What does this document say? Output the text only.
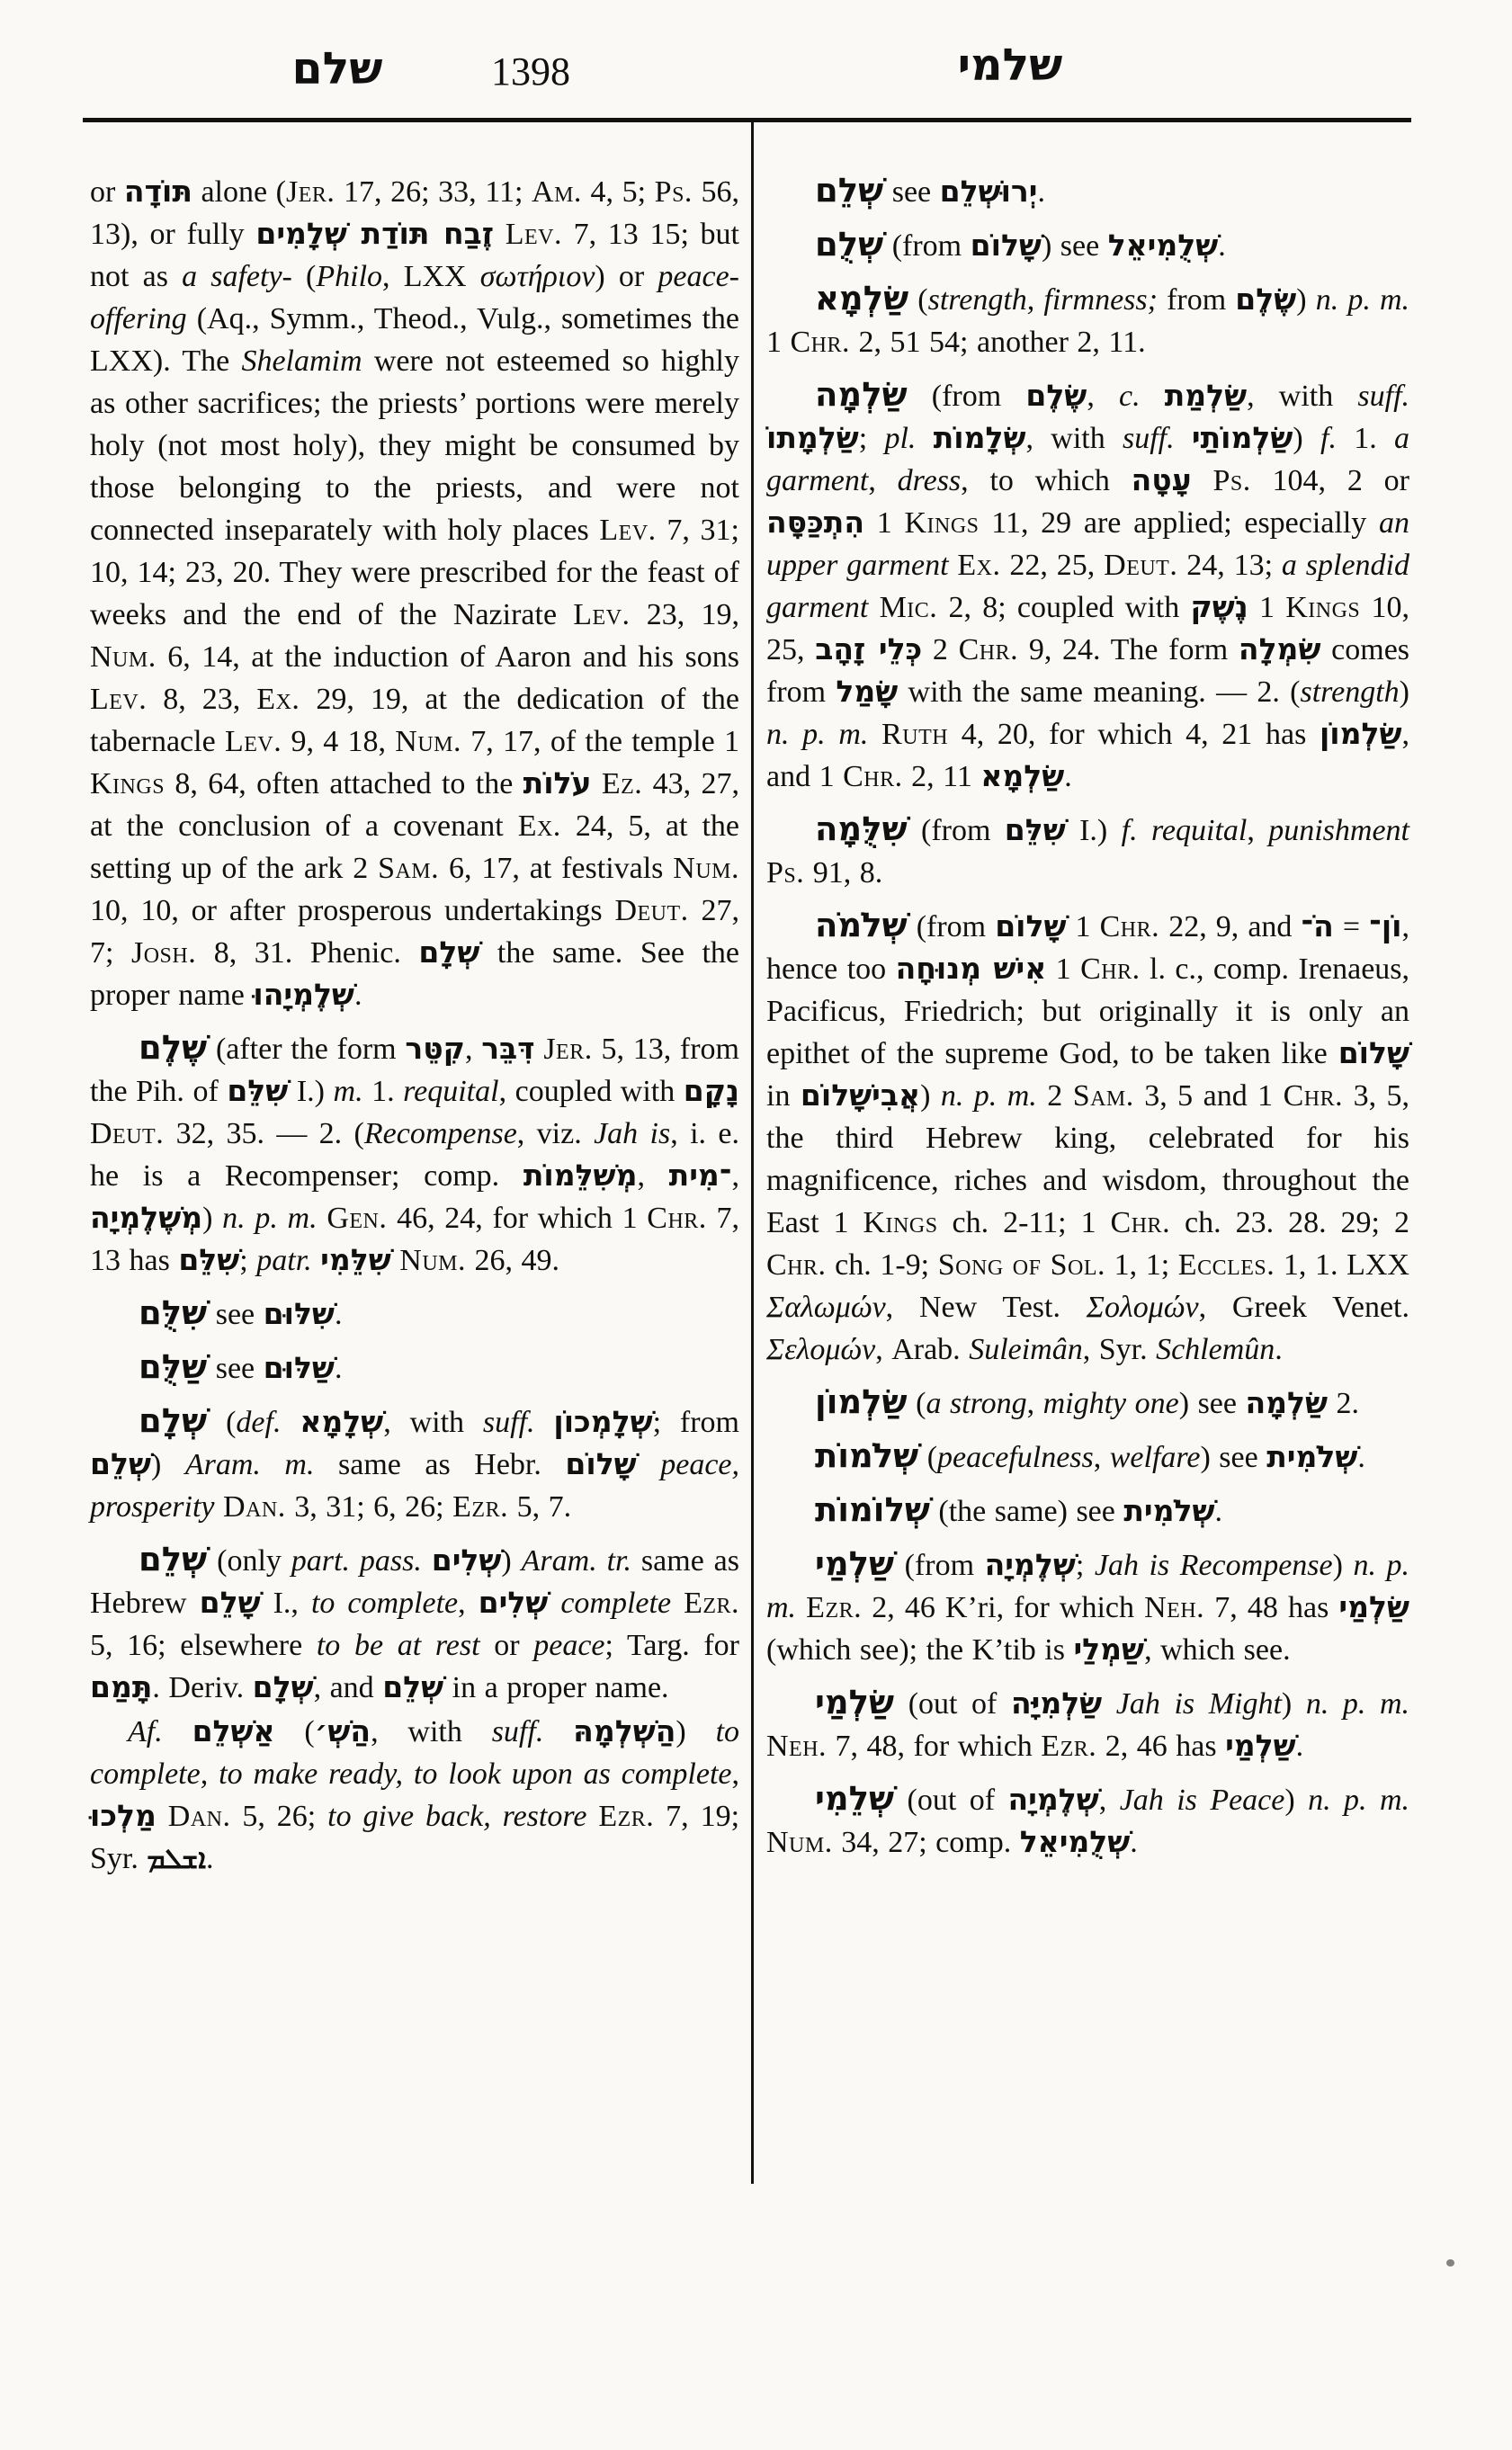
שלם	1398	שלמי

or תּוֹדָה alone (Jer. 17, 26; 33, 11; Am. 4, 5; Ps. 56, 13), or fully זֶבַח תּוֹדַת שְׁלָמִים Lev. 7, 13 15; but not as a safety- (Philo, LXX σωτήριον) or peace-offering (Aq., Symm., Theod., Vulg., sometimes the LXX). The Shelamim were not esteemed so highly as other sacrifices; the priests’ portions were merely holy (not most holy), they might be consumed by those belonging to the priests, and were not connected inseparately with holy places Lev. 7, 31; 10, 14; 23, 20. They were prescribed for the feast of weeks and the end of the Nazirate Lev. 23, 19, Num. 6, 14, at the induction of Aaron and his sons Lev. 8, 23, Ex. 29, 19, at the dedication of the tabernacle Lev. 9, 4 18, Num. 7, 17, of the temple 1 Kings 8, 64, often attached to the עֹלוֹת Ez. 43, 27, at the conclusion of a covenant Ex. 24, 5, at the setting up of the ark 2 Sam. 6, 17, at festivals Num. 10, 10, or after prosperous undertakings Deut. 27, 7; Josh. 8, 31. Phenic. שְׁלָם the same. See the proper name שְׁלֶמְיָהוּ.

שֶׁלֶם (after the form קִטֵּר, דִּבֵּר Jer. 5, 13, from the Pih. of שִׁלֵּם I.) m. 1. requital, coupled with נָקָם Deut. 32, 35. — 2. (Recompense, viz. Jah is, i. e. he is a Recompenser; comp. מְשִׁלֵּמוֹת, ־מִית, מְשֶׁלֶמְיָה) n. p. m. Gen. 46, 24, for which 1 Chr. 7, 13 has שִׁלֵּם; patr. שִׁלֵּמִי Num. 26, 49.

שִׁלֻּם see שִׁלּוּם.

שַׁלֻּם see שַׁלּוּם.

שְׁלָם (def. שְׁלָמָא, with suff. שְׁלָמְכוֹן; from שְׁלֵם) Aram. m. same as Hebr. שָׁלוֹם peace, prosperity Dan. 3, 31; 6, 26; Ezr. 5, 7.

שְׁלֵם (only part. pass. שְׁלִים) Aram. tr. same as Hebrew שָׁלֵם I., to complete, שְׁלִים complete Ezr. 5, 16; elsewhere to be at rest or peace; Targ. for תָּמַם. Deriv. שְׁלָם, and שְׁלֵם in a proper name.

Af. אַשְׁלֵם (הַשְׁ׳, with suff. הַשְׁלְמָהּ) to complete, to make ready, to look upon as complete, מַלְכוּ Dan. 5, 26; to give back, restore Ezr. 7, 19; Syr. ܐܫܠܡ.

שְׁלֵם see יְרוּשְׁלֵם.

שְׁלֻם (from שָׁלוֹם) see שְׁלֻמִיאֵל.

שַׂלְמָא (strength, firmness; from שֶׂלֶם) n. p. m. 1 Chr. 2, 51 54; another 2, 11.

שַׂלְמָה (from שֶׂלֶם, c. שַׂלְמַת, with suff. שַׂלְמָתוֹ; pl. שְׂלָמוֹת, with suff. שַׂלְמוֹתַי) f. 1. a garment, dress, to which עָטָה Ps. 104, 2 or הִתְכַּסָּה 1 Kings 11, 29 are applied; especially an upper garment Ex. 22, 25, Deut. 24, 13; a splendid garment Mic. 2, 8; coupled with נֶשֶׁק 1 Kings 10, 25, כְּלֵי זָהָב 2 Chr. 9, 24. The form שִׂמְלָה comes from שָׂמַל with the same meaning. — 2. (strength) n. p. m. Ruth 4, 20, for which 4, 21 has שַׂלְמוֹן, and 1 Chr. 2, 11 שַׂלְמָא.

שִׁלֻּמָה (from שִׁלֵּם I.) f. requital, punishment Ps. 91, 8.

שְׁלֹמֹה (from שָׁלוֹם 1 Chr. 22, 9, and הֹ־ = וֹן־, hence too אִישׁ מְנוּחָה 1 Chr. l. c., comp. Irenaeus, Pacificus, Friedrich; but originally it is only an epithet of the supreme God, to be taken like שָׁלוֹם in אֲבִישָׁלוֹם) n. p. m. 2 Sam. 3, 5 and 1 Chr. 3, 5, the third Hebrew king, celebrated for his magnificence, riches and wisdom, throughout the East 1 Kings ch. 2-11; 1 Chr. ch. 23. 28. 29; 2 Chr. ch. 1-9; Song of Sol. 1, 1; Eccles. 1, 1. LXX Σαλωμών, New Test. Σολομών, Greek Venet. Σελομών, Arab. Suleimân, Syr. Schlemûn.

שַׂלְמוֹן (a strong, mighty one) see שַׂלְמָה 2.

שְׁלֹמוֹת (peacefulness, welfare) see שְׁלֹמִית.

שְׁלוֹמוֹת (the same) see שְׁלֹמִית.

שַׁלְמַי (from שְׁלֶמְיָה; Jah is Recompense) n. p. m. Ezr. 2, 46 K’ri, for which Neh. 7, 48 has שַׂלְמַי (which see); the K’tib is שַׁמְלַי, which see.

שַׂלְמַי (out of שַׂלְמִיָּה Jah is Might) n. p. m. Neh. 7, 48, for which Ezr. 2, 46 has שַׁלְמַי.

שְׁלֵמִי (out of שְׁלֶמְיָה, Jah is Peace) n. p. m. Num. 34, 27; comp. שְׁלֻמִיאֵל.
